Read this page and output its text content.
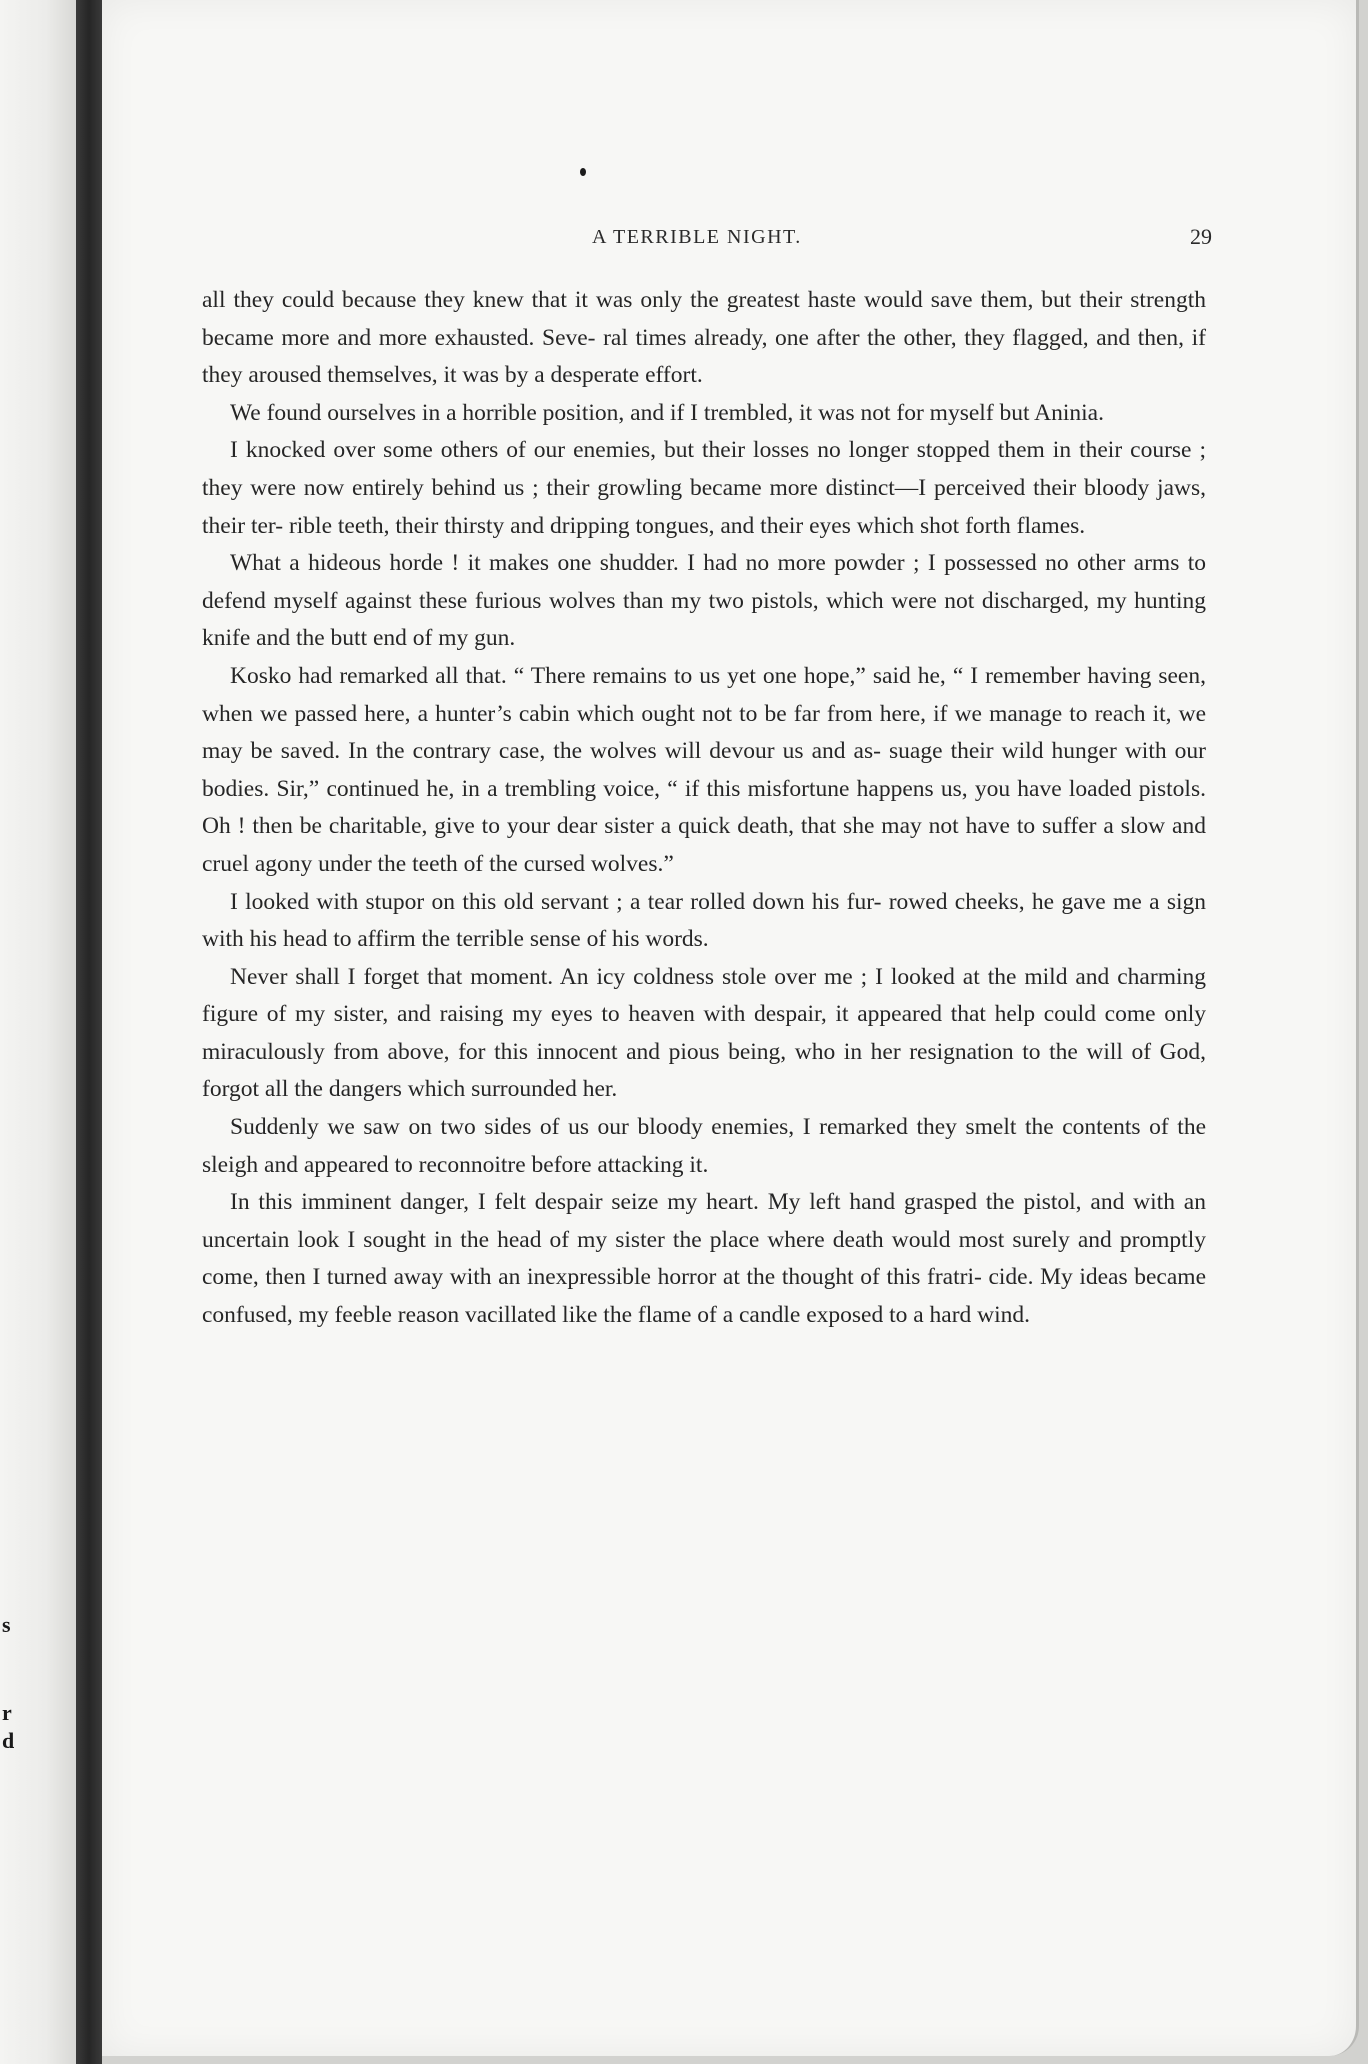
s
r
d
A TERRIBLE NIGHT.	29

all they could because they knew that it was only the greatest haste would save them, but their strength became more and more exhausted. Seve- ral times already, one after the other, they flagged, and then, if they aroused themselves, it was by a desperate effort.

We found ourselves in a horrible position, and if I trembled, it was not for myself but Aninia.

I knocked over some others of our enemies, but their losses no longer stopped them in their course ; they were now entirely behind us ; their growling became more distinct—I perceived their bloody jaws, their ter- rible teeth, their thirsty and dripping tongues, and their eyes which shot forth flames.

What a hideous horde ! it makes one shudder. I had no more powder ; I possessed no other arms to defend myself against these furious wolves than my two pistols, which were not discharged, my hunting knife and the butt end of my gun.

Kosko had remarked all that. “ There remains to us yet one hope,” said he, “ I remember having seen, when we passed here, a hunter’s cabin which ought not to be far from here, if we manage to reach it, we may be saved. In the contrary case, the wolves will devour us and as- suage their wild hunger with our bodies. Sir,” continued he, in a trembling voice, “ if this misfortune happens us, you have loaded pistols. Oh ! then be charitable, give to your dear sister a quick death, that she may not have to suffer a slow and cruel agony under the teeth of the cursed wolves.”

I looked with stupor on this old servant ; a tear rolled down his fur- rowed cheeks, he gave me a sign with his head to affirm the terrible sense of his words.

Never shall I forget that moment. An icy coldness stole over me ; I looked at the mild and charming figure of my sister, and raising my eyes to heaven with despair, it appeared that help could come only miraculously from above, for this innocent and pious being, who in her resignation to the will of God, forgot all the dangers which surrounded her.

Suddenly we saw on two sides of us our bloody enemies, I remarked they smelt the contents of the sleigh and appeared to reconnoitre before attacking it.

In this imminent danger, I felt despair seize my heart. My left hand grasped the pistol, and with an uncertain look I sought in the head of my sister the place where death would most surely and promptly come, then I turned away with an inexpressible horror at the thought of this fratri- cide. My ideas became confused, my feeble reason vacillated like the flame of a candle exposed to a hard wind.
